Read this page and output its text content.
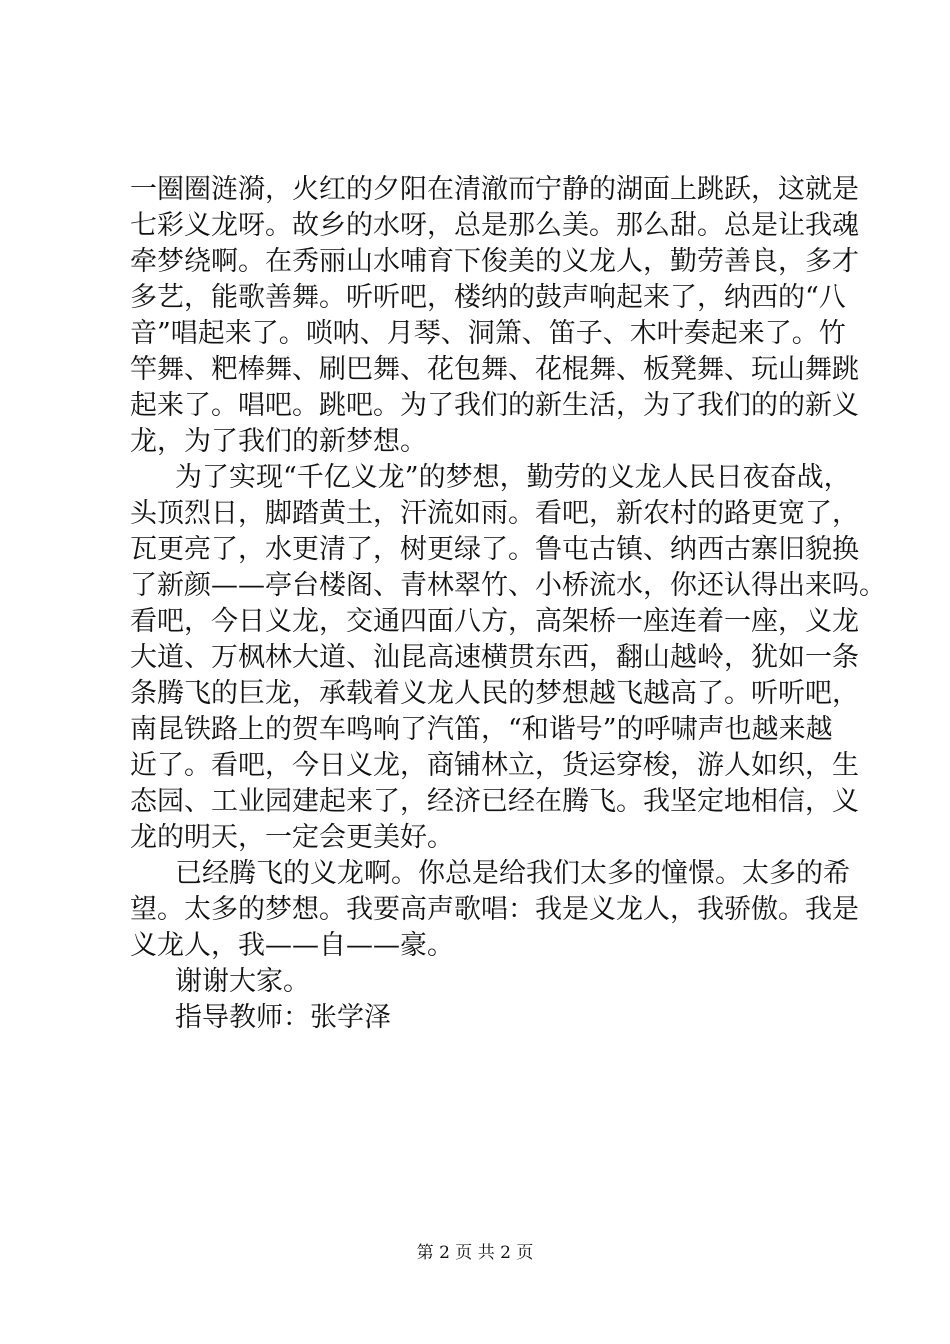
一圈圈涟漪，火红的夕阳在清澈而宁静的湖面上跳跃，这就是
七彩义龙呀。故乡的水呀，总是那么美。那么甜。总是让我魂
牵梦绕啊。在秀丽山水哺育下俊美的义龙人，勤劳善良，多才
多艺，能歌善舞。听听吧，楼纳的鼓声响起来了，纳西的“八
音”唱起来了。唢呐、月琴、洞箫、笛子、木叶奏起来了。竹
竿舞、粑棒舞、刷巴舞、花包舞、花棍舞、板凳舞、玩山舞跳
起来了。唱吧。跳吧。为了我们的新生活，为了我们的的新义
龙，为了我们的新梦想。
为了实现“千亿义龙”的梦想，勤劳的义龙人民日夜奋战，
头顶烈日，脚踏黄土，汗流如雨。看吧，新农村的路更宽了，
瓦更亮了，水更清了，树更绿了。鲁屯古镇、纳西古寨旧貌换
了新颜——亭台楼阁、青林翠竹、小桥流水，你还认得出来吗。
看吧，今日义龙，交通四面八方，高架桥一座连着一座，义龙
大道、万枫林大道、汕昆高速横贯东西，翻山越岭，犹如一条
条腾飞的巨龙，承载着义龙人民的梦想越飞越高了。听听吧，
南昆铁路上的贺车鸣响了汽笛，“和谐号”的呼啸声也越来越
近了。看吧，今日义龙，商铺林立，货运穿梭，游人如织，生
态园、工业园建起来了，经济已经在腾飞。我坚定地相信，义
龙的明天，一定会更美好。
已经腾飞的义龙啊。你总是给我们太多的憧憬。太多的希
望。太多的梦想。我要高声歌唱：我是义龙人，我骄傲。我是
义龙人，我——自——豪。
谢谢大家。
指导教师：张学泽
第 2 页 共 2 页
